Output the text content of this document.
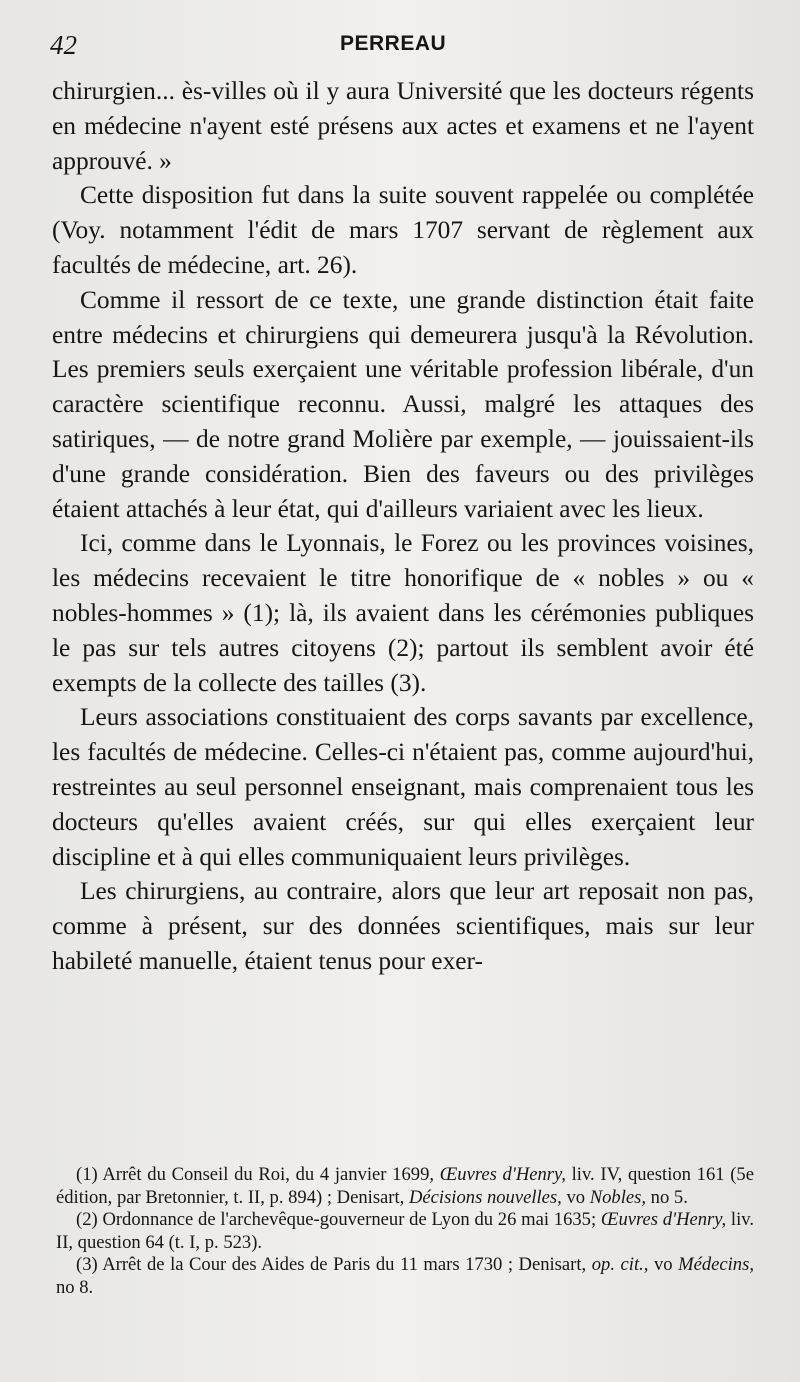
42	PERREAU

chirurgien... ès-villes où il y aura Université que les docteurs régents en médecine n'ayent esté présens aux actes et examens et ne l'ayent approuvé. »

Cette disposition fut dans la suite souvent rappelée ou complétée (Voy. notamment l'édit de mars 1707 servant de règlement aux facultés de médecine, art. 26).

Comme il ressort de ce texte, une grande distinction était faite entre médecins et chirurgiens qui demeurera jusqu'à la Révolution. Les premiers seuls exerçaient une véritable profession libérale, d'un caractère scientifique reconnu. Aussi, malgré les attaques des satiriques, — de notre grand Molière par exemple, — jouissaient-ils d'une grande considération. Bien des faveurs ou des privilèges étaient attachés à leur état, qui d'ailleurs variaient avec les lieux.

Ici, comme dans le Lyonnais, le Forez ou les provinces voisines, les médecins recevaient le titre honorifique de « nobles » ou « nobles-hommes » (1); là, ils avaient dans les cérémonies publiques le pas sur tels autres citoyens (2); partout ils semblent avoir été exempts de la collecte des tailles (3).

Leurs associations constituaient des corps savants par excellence, les facultés de médecine. Celles-ci n'étaient pas, comme aujourd'hui, restreintes au seul personnel enseignant, mais comprenaient tous les docteurs qu'elles avaient créés, sur qui elles exerçaient leur discipline et à qui elles communiquaient leurs privilèges.

Les chirurgiens, au contraire, alors que leur art reposait non pas, comme à présent, sur des données scientifiques, mais sur leur habileté manuelle, étaient tenus pour exer-

(1) Arrêt du Conseil du Roi, du 4 janvier 1699, Œuvres d'Henry, liv. IV, question 161 (5e édition, par Bretonnier, t. II, p. 894) ; Denisart, Décisions nouvelles, vo Nobles, no 5.

(2) Ordonnance de l'archevêque-gouverneur de Lyon du 26 mai 1635; Œuvres d'Henry, liv. II, question 64 (t. I, p. 523).

(3) Arrêt de la Cour des Aides de Paris du 11 mars 1730 ; Denisart, op. cit., vo Médecins, no 8.
